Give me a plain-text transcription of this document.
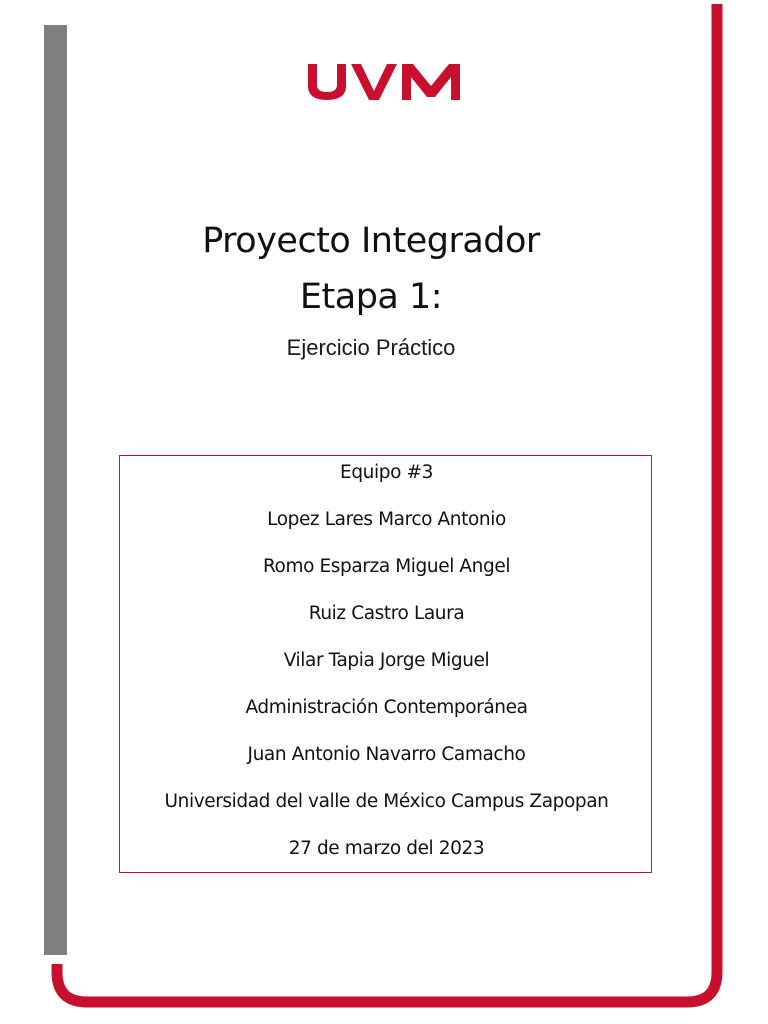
Proyecto Integrador
Etapa 1:
Ejercicio Práctico
Equipo #3
Lopez Lares Marco Antonio
Romo Esparza Miguel Angel
Ruiz Castro Laura
Vilar Tapia Jorge Miguel
Administración Contemporánea
Juan Antonio Navarro Camacho
Universidad del valle de México Campus Zapopan
27 de marzo del 2023
